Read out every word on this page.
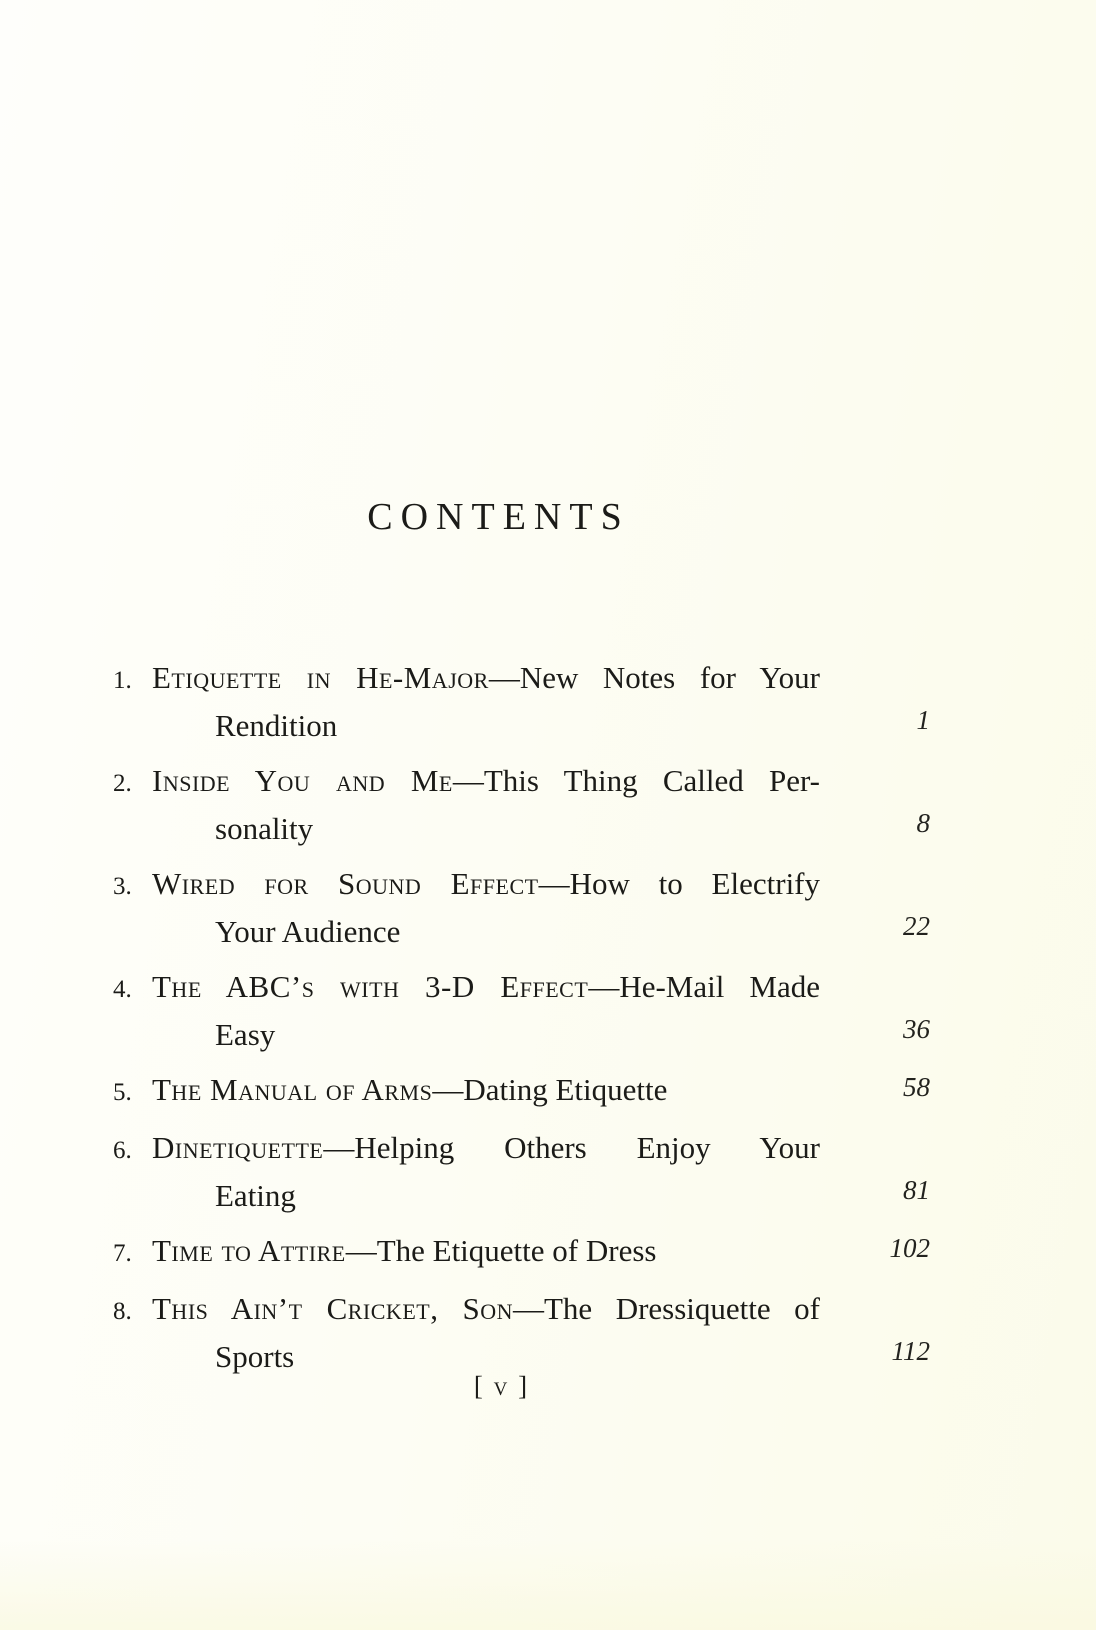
CONTENTS
1. Etiquette in He-Major—New Notes for Your
Rendition	1
2. Inside You and Me—This Thing Called Per-
sonality	8
3. Wired for Sound Effect—How to Electrify
Your Audience	22
4. The ABC’s with 3-D Effect—He-Mail Made
Easy	36
5. The Manual of Arms—Dating Etiquette	58
6. Dinetiquette—Helping Others Enjoy Your
Eating	81
7. Time to Attire—The Etiquette of Dress	102
8. This Ain’t Cricket, Son—The Dressiquette of
Sports	112
[ v ]
